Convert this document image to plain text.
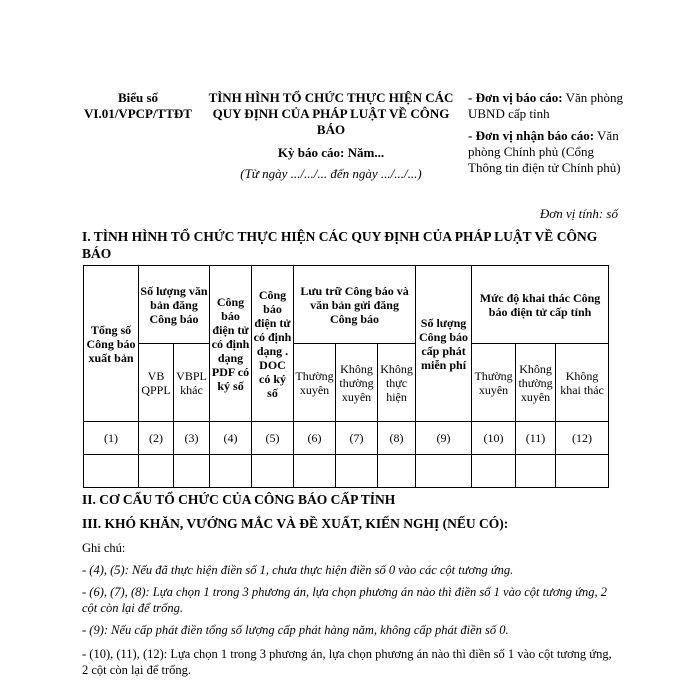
Biểu số VI.01/VPCP/TTĐT
TÌNH HÌNH TỔ CHỨC THỰC HIỆN CÁC QUY ĐỊNH CỦA PHÁP LUẬT VỀ CÔNG BÁO
Kỳ báo cáo: Năm...
(Từ ngày .../.../... đến ngày .../.../...)
- Đơn vị báo cáo: Văn phòng UBND cấp tỉnh
- Đơn vị nhận báo cáo: Văn phòng Chính phủ (Cổng Thông tin điện tử Chính phủ)
Đơn vị tính: số
I. TÌNH HÌNH TỔ CHỨC THỰC HIỆN CÁC QUY ĐỊNH CỦA PHÁP LUẬT VỀ CÔNG BÁO
Tổng số Công báo xuất bản	Số lượng văn bản đăng Công báo		Công báo điện tử có định dạng PDF có ký số	Công báo điện tử có định dạng . DOC có ký số	Lưu trữ Công báo và văn bản gửi đăng Công báo			Số lượng Công báo cấp phát miễn phí	Mức độ khai thác Công báo điện tử cấp tỉnh		
	VB QPPL	VBPL khác			Thường xuyên	Không thường xuyên	Không thực hiện		Thường xuyên	Không thường xuyên	Không khai thác
(1)	(2)	(3)	(4)	(5)	(6)	(7)	(8)	(9)	(10)	(11)	(12)

II. CƠ CẤU TỔ CHỨC CỦA CÔNG BÁO CẤP TỈNH
III. KHÓ KHĂN, VƯỚNG MẮC VÀ ĐỀ XUẤT, KIẾN NGHỊ (NẾU CÓ):
Ghi chú:
- (4), (5): Nếu đã thực hiện điền số 1, chưa thực hiện điền số 0 vào các cột tương ứng.
- (6), (7), (8): Lựa chọn 1 trong 3 phương án, lựa chọn phương án nào thì điền số 1 vào cột tương ứng, 2 cột còn lại để trống.
- (9): Nếu cấp phát điền tổng số lượng cấp phát hàng năm, không cấp phát điền số 0.
- (10), (11), (12): Lựa chọn 1 trong 3 phương án, lựa chọn phương án nào thì điền số 1 vào cột tương ứng, 2 cột còn lại để trống.
